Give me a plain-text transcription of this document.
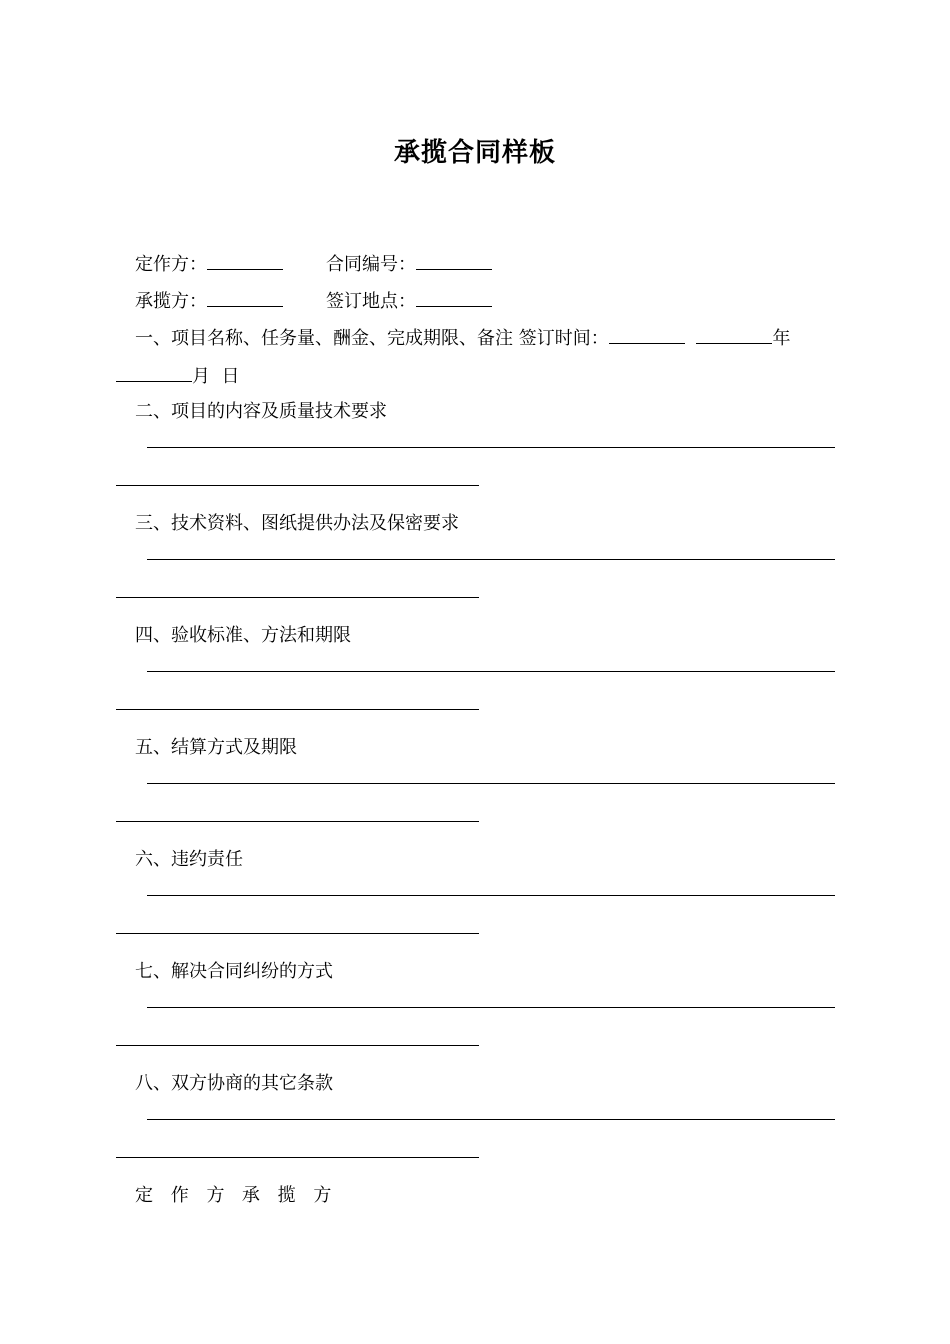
承揽合同样板
定作方：	合同编号：
承揽方：	签订地点：
一、项目名称、任务量、酬金、完成期限、备注 签订时间：	年
月 日
二、项目的内容及质量技术要求
三、技术资料、图纸提供办法及保密要求
四、验收标准、方法和期限
五、结算方式及期限
六、违约责任
七、解决合同纠纷的方式
八、双方协商的其它条款
定 作 方 承 揽 方
